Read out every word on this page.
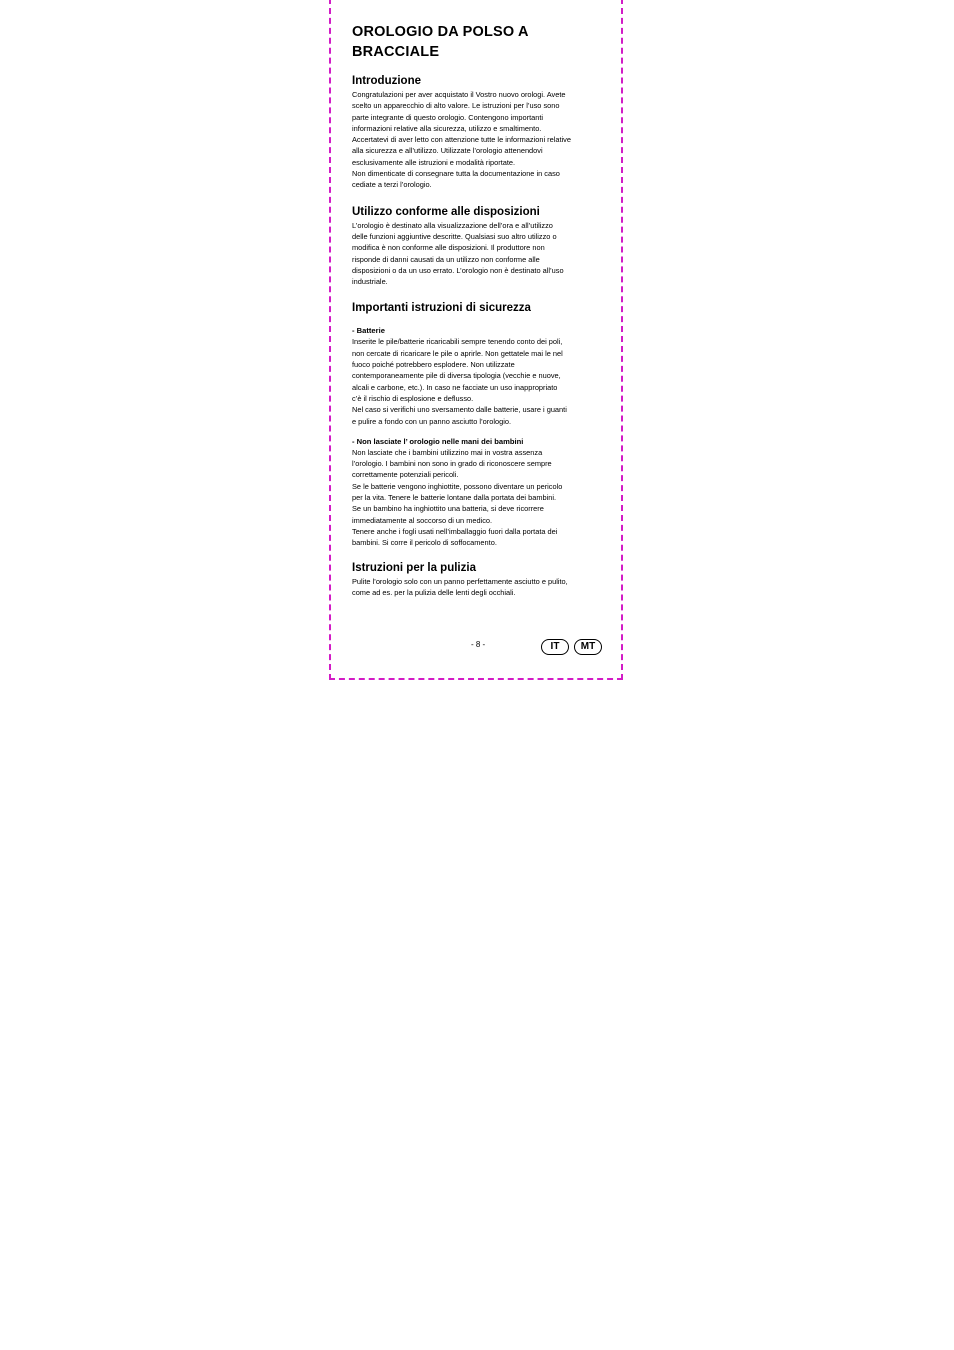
OROLOGIO DA POLSO A BRACCIALE
Introduzione
Congratulazioni per aver acquistato il Vostro nuovo orologi. Avete
scelto un apparecchio di alto valore. Le istruzioni per l’uso sono
parte integrante di questo orologio. Contengono importanti
informazioni relative alla sicurezza, utilizzo e smaltimento.
Accertatevi di aver letto con attenzione tutte le informazioni relative
alla sicurezza e all’utilizzo. Utilizzate l’orologio attenendovi
esclusivamente alle istruzioni e modalità riportate.
Non dimenticate di consegnare tutta la documentazione in caso
cediate a terzi l’orologio.
Utilizzo conforme alle disposizioni
L’orologio è destinato alla visualizzazione dell’ora e all’utilizzo
delle funzioni aggiuntive descritte. Qualsiasi suo altro utilizzo o
modifica è non conforme alle disposizioni. Il produttore non
risponde di danni causati da un utilizzo non conforme alle
disposizioni o da un uso errato. L’orologio non è destinato all’uso
industriale.
Importanti istruzioni di sicurezza

- Batterie

Inserite le pile/batterie ricaricabili sempre tenendo conto dei poli,
non cercate di ricaricare le pile o aprirle. Non gettatele mai le nel
fuoco poiché potrebbero esplodere. Non utilizzate
contemporaneamente pile di diversa tipologia (vecchie e nuove,
alcali e carbone, etc.). In caso ne facciate un uso inappropriato
c’è il rischio di esplosione e deflusso.
Nel caso si verifichi uno sversamento dalle batterie, usare i guanti
e pulire a fondo con un panno asciutto l’orologio.

- Non lasciate l’ orologio nelle mani dei bambini

Non lasciate che i bambini utilizzino mai in vostra assenza
l’orologio. I bambini non sono in grado di riconoscere sempre
correttamente potenziali pericoli.
Se le batterie vengono inghiottite, possono diventare un pericolo
per la vita. Tenere le batterie lontane dalla portata dei bambini.
Se un bambino ha inghiottito una batteria, si deve ricorrere
immediatamente al soccorso di un medico.
Tenere anche i fogli usati nell’imballaggio fuori dalla portata dei
bambini. Si corre il pericolo di soffocamento.
Istruzioni per la pulizia
Pulite l’orologio solo con un panno perfettamente asciutto e pulito,
come ad es. per la pulizia delle lenti degli occhiali.
- 8 -	IT	MT
